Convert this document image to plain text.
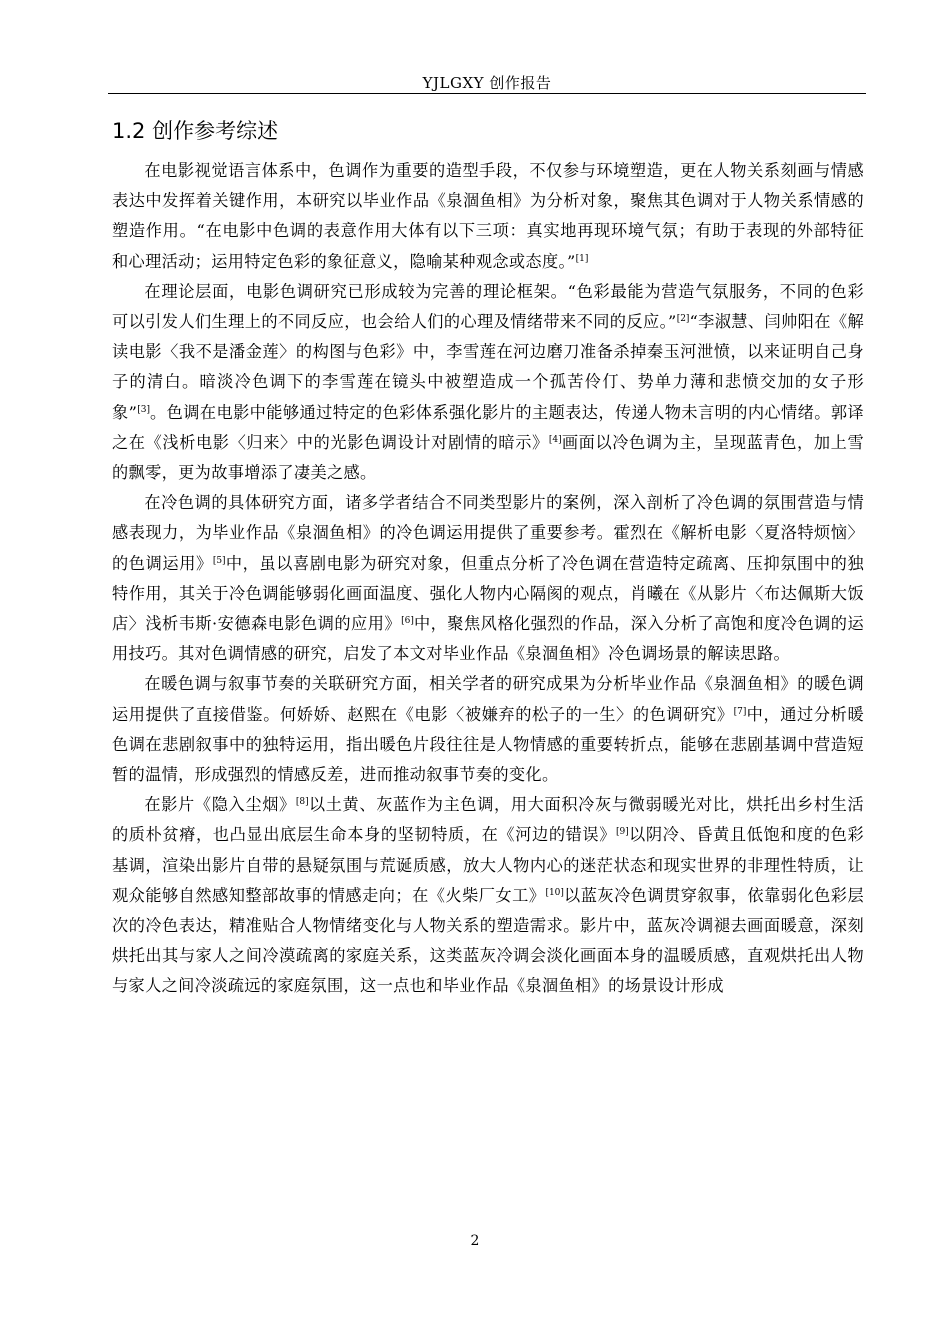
YJLGXY 创作报告
1.2 创作参考综述

在电影视觉语言体系中，色调作为重要的造型手段，不仅参与环境塑造，更在人物关系刻画与情感表达中发挥着关键作用，本研究以毕业作品《泉涸鱼相》为分析对象，聚焦其色调对于人物关系情感的塑造作用。“在电影中色调的表意作用大体有以下三项：真实地再现环境气氛；有助于表现的外部特征和心理活动；运用特定色彩的象征意义，隐喻某种观念或态度。”[1]

在理论层面，电影色调研究已形成较为完善的理论框架。“色彩最能为营造气氛服务，不同的色彩可以引发人们生理上的不同反应，也会给人们的心理及情绪带来不同的反应。”[2]“李淑慧、闫帅阳在《解读电影〈我不是潘金莲〉的构图与色彩》中，李雪莲在河边磨刀准备杀掉秦玉河泄愤，以来证明自己身子的清白。暗淡冷色调下的李雪莲在镜头中被塑造成一个孤苦伶仃、势单力薄和悲愤交加的女子形象”[3]。色调在电影中能够通过特定的色彩体系强化影片的主题表达，传递人物未言明的内心情绪。郭译之在《浅析电影〈归来〉中的光影色调设计对剧情的暗示》[4]画面以冷色调为主，呈现蓝青色，加上雪的飘零，更为故事增添了凄美之感。

在冷色调的具体研究方面，诸多学者结合不同类型影片的案例，深入剖析了冷色调的氛围营造与情感表现力，为毕业作品《泉涸鱼相》的冷色调运用提供了重要参考。霍烈在《解析电影〈夏洛特烦恼〉的色调运用》[5]中，虽以喜剧电影为研究对象，但重点分析了冷色调在营造特定疏离、压抑氛围中的独特作用，其关于冷色调能够弱化画面温度、强化人物内心隔阂的观点，肖曦在《从影片〈布达佩斯大饭店〉浅析韦斯·安德森电影色调的应用》[6]中，聚焦风格化强烈的作品，深入分析了高饱和度冷色调的运用技巧。其对色调情感的研究，启发了本文对毕业作品《泉涸鱼相》冷色调场景的解读思路。

在暖色调与叙事节奏的关联研究方面，相关学者的研究成果为分析毕业作品《泉涸鱼相》的暖色调运用提供了直接借鉴。何娇娇、赵熙在《电影〈被嫌弃的松子的一生〉的色调研究》[7]中，通过分析暖色调在悲剧叙事中的独特运用，指出暖色片段往往是人物情感的重要转折点，能够在悲剧基调中营造短暂的温情，形成强烈的情感反差，进而推动叙事节奏的变化。

在影片《隐入尘烟》[8]以土黄、灰蓝作为主色调，用大面积冷灰与微弱暖光对比，烘托出乡村生活的质朴贫瘠，也凸显出底层生命本身的坚韧特质，在《河边的错误》[9]以阴冷、昏黄且低饱和度的色彩基调，渲染出影片自带的悬疑氛围与荒诞质感，放大人物内心的迷茫状态和现实世界的非理性特质，让观众能够自然感知整部故事的情感走向；在《火柴厂女工》[10]以蓝灰冷色调贯穿叙事，依靠弱化色彩层次的冷色表达，精准贴合人物情绪变化与人物关系的塑造需求。影片中，蓝灰冷调褪去画面暖意，深刻烘托出其与家人之间冷漠疏离的家庭关系，这类蓝灰冷调会淡化画面本身的温暖质感，直观烘托出人物与家人之间冷淡疏远的家庭氛围，这一点也和毕业作品《泉涸鱼相》的场景设计形成

2
